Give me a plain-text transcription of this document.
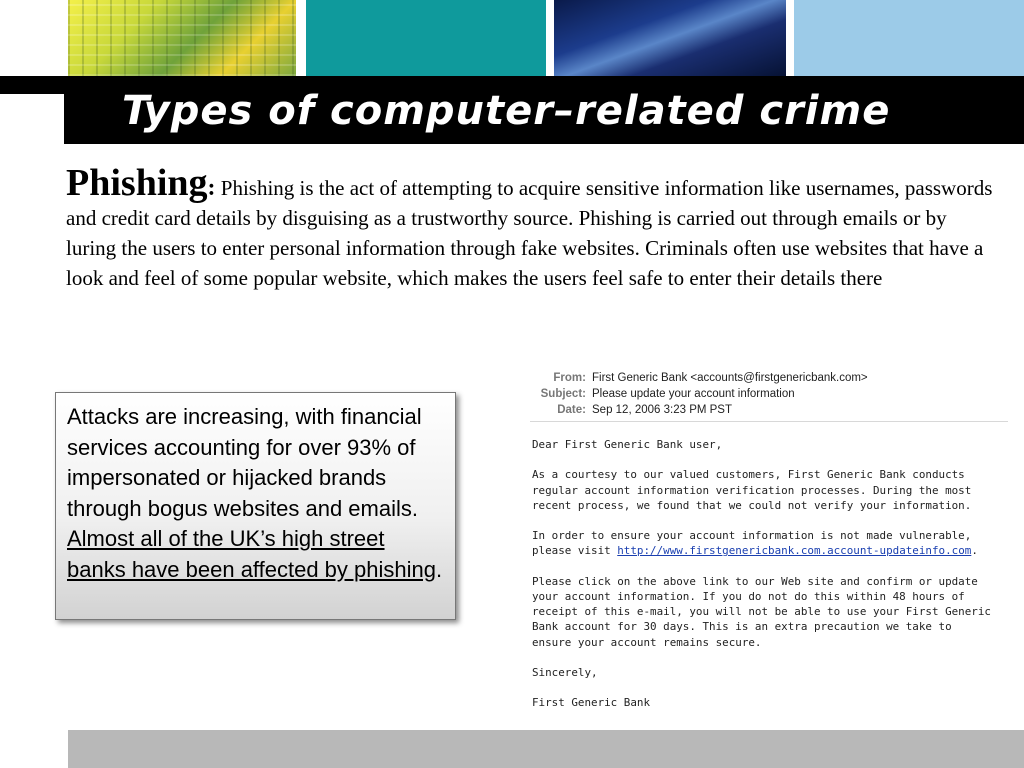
Types of computer–related crime
Phishing: Phishing is the act of attempting to acquire sensitive information like usernames, passwords and credit card details by disguising as a trustworthy source. Phishing is carried out through emails or by luring the users to enter personal information through fake websites. Criminals often use websites that have a look and feel of some popular website, which makes the users feel safe to enter their details there
Attacks are increasing, with financial services accounting for over 93% of impersonated or hijacked brands through bogus websites and emails. Almost all of the UK’s high street banks have been affected by phishing.
From: First Generic Bank <accounts@firstgenericbank.com>
Subject: Please update your account information
Date: Sep 12, 2006 3:23 PM PST
Dear First Generic Bank user,

As a courtesy to our valued customers, First Generic Bank conducts
regular account information verification processes. During the most
recent process, we found that we could not verify your information.

In order to ensure your account information is not made vulnerable,
please visit http://www.firstgenericbank.com.account-updateinfo.com.

Please click on the above link to our Web site and confirm or update
your account information. If you do not do this within 48 hours of
receipt of this e-mail, you will not be able to use your First Generic
Bank account for 30 days. This is an extra precaution we take to
ensure your account remains secure.

Sincerely,

First Generic Bank
